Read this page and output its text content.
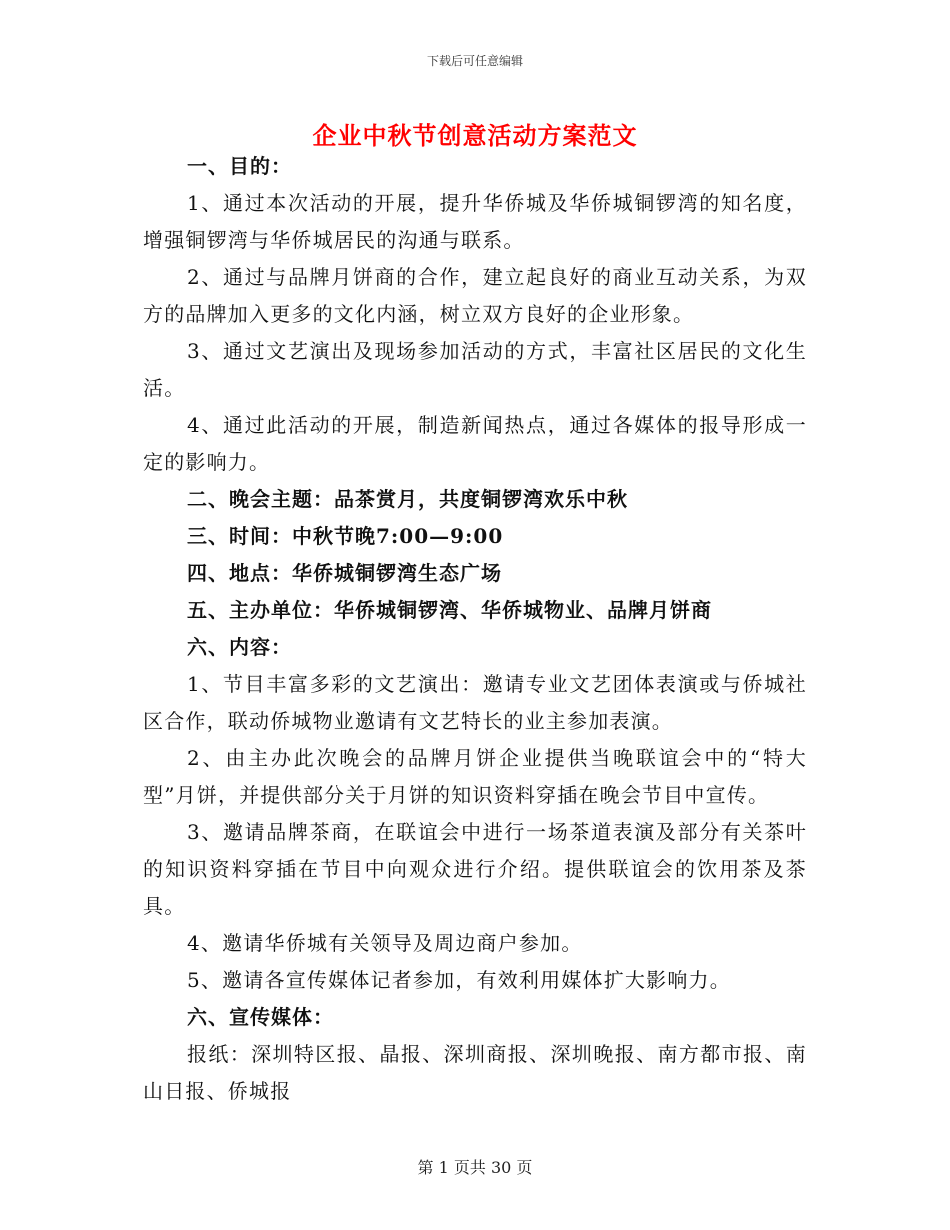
下载后可任意编辑
企业中秋节创意活动方案范文

一、目的：

1、通过本次活动的开展，提升华侨城及华侨城铜锣湾的知名度，增强铜锣湾与华侨城居民的沟通与联系。

2、通过与品牌月饼商的合作，建立起良好的商业互动关系，为双方的品牌加入更多的文化内涵，树立双方良好的企业形象。

3、通过文艺演出及现场参加活动的方式，丰富社区居民的文化生活。

4、通过此活动的开展，制造新闻热点，通过各媒体的报导形成一定的影响力。

二、晚会主题：品茶赏月，共度铜锣湾欢乐中秋

三、时间：中秋节晚7:00—9:00

四、地点：华侨城铜锣湾生态广场

五、主办单位：华侨城铜锣湾、华侨城物业、品牌月饼商

六、内容：

1、节目丰富多彩的文艺演出：邀请专业文艺团体表演或与侨城社区合作，联动侨城物业邀请有文艺特长的业主参加表演。

2、由主办此次晚会的品牌月饼企业提供当晚联谊会中的“特大型”月饼，并提供部分关于月饼的知识资料穿插在晚会节目中宣传。

3、邀请品牌茶商，在联谊会中进行一场茶道表演及部分有关茶叶的知识资料穿插在节目中向观众进行介绍。提供联谊会的饮用茶及茶具。

4、邀请华侨城有关领导及周边商户参加。

5、邀请各宣传媒体记者参加，有效利用媒体扩大影响力。

六、宣传媒体：

报纸：深圳特区报、晶报、深圳商报、深圳晚报、南方都市报、南山日报、侨城报

第 1 页共 30 页
